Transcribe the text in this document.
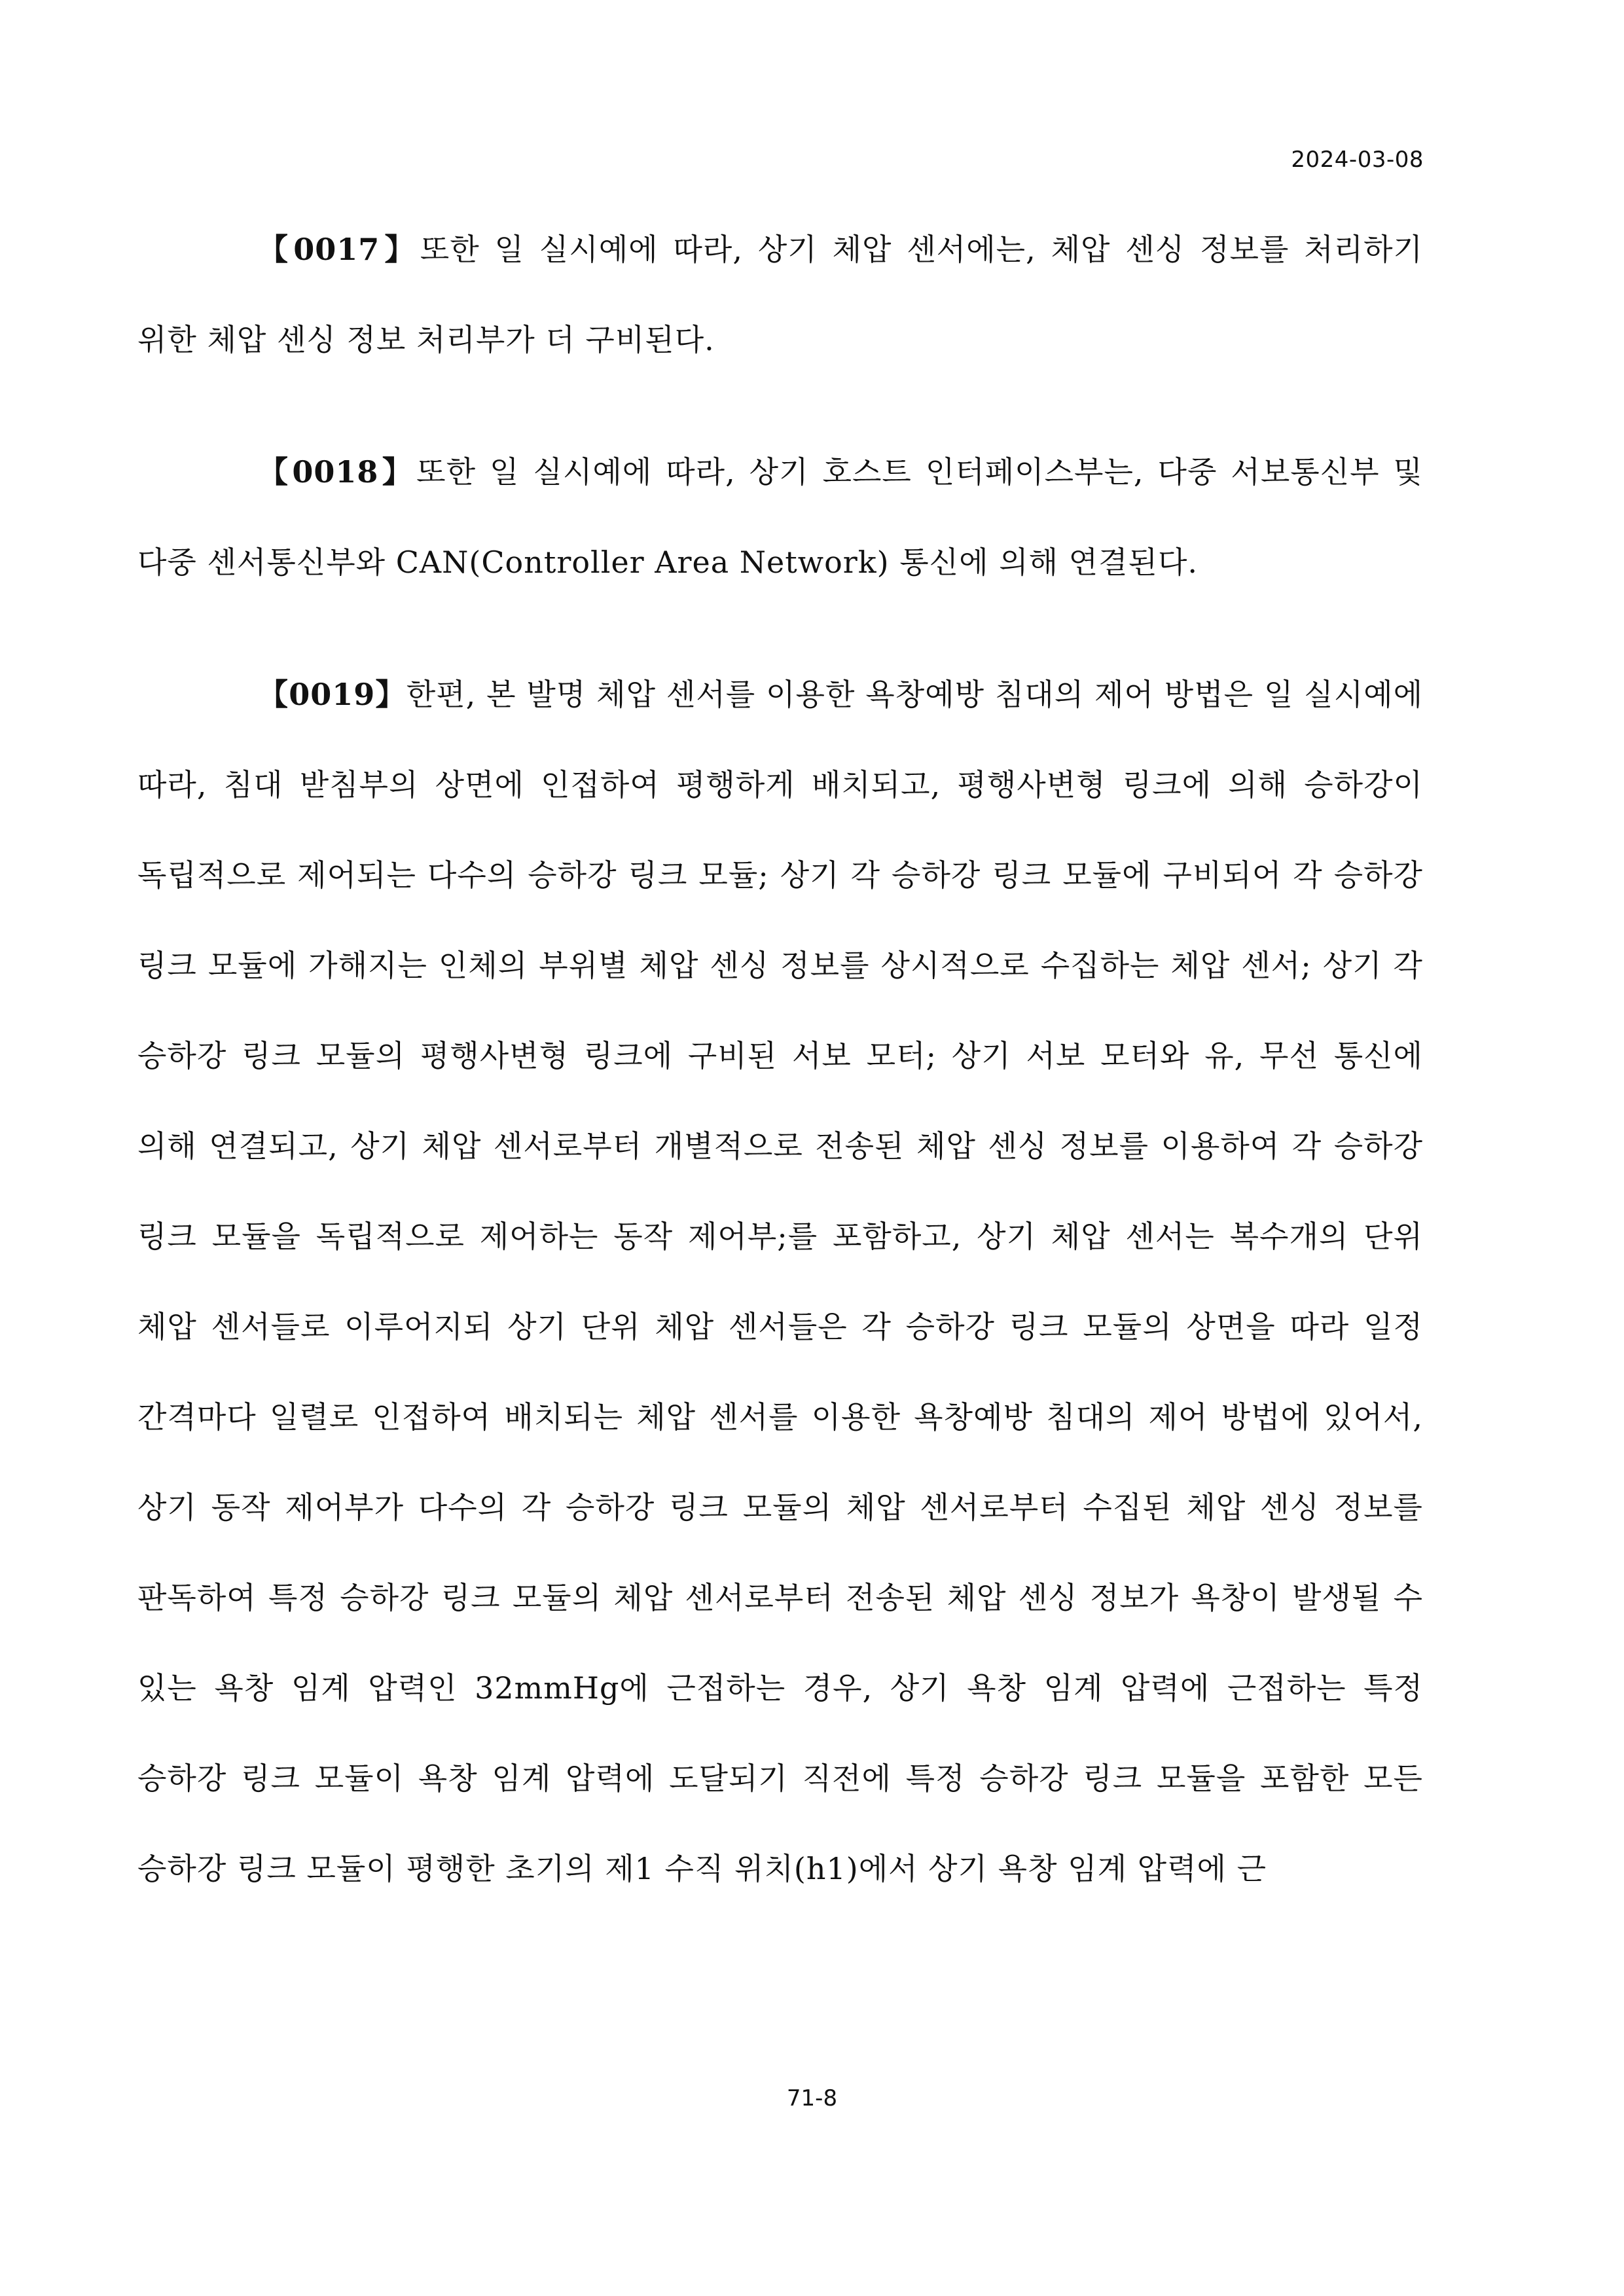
2024-03-08

【0017】또한 일 실시예에 따라, 상기 체압 센서에는, 체압 센싱 정보를 처리하기 위한 체압 센싱 정보 처리부가 더 구비된다.

【0018】또한 일 실시예에 따라, 상기 호스트 인터페이스부는, 다중 서보통신부 및 다중 센서통신부와 CAN(Controller Area Network) 통신에 의해 연결된다.

【0019】한편, 본 발명 체압 센서를 이용한 욕창예방 침대의 제어 방법은 일 실시예에 따라, 침대 받침부의 상면에 인접하여 평행하게 배치되고, 평행사변형 링크에 의해 승하강이 독립적으로 제어되는 다수의 승하강 링크 모듈; 상기 각 승하강 링크 모듈에 구비되어 각 승하강 링크 모듈에 가해지는 인체의 부위별 체압 센싱 정보를 상시적으로 수집하는 체압 센서; 상기 각 승하강 링크 모듈의 평행사변형 링크에 구비된 서보 모터; 상기 서보 모터와 유, 무선 통신에 의해 연결되고, 상기 체압 센서로부터 개별적으로 전송된 체압 센싱 정보를 이용하여 각 승하강 링크 모듈을 독립적으로 제어하는 동작 제어부;를 포함하고, 상기 체압 센서는 복수개의 단위 체압 센서들로 이루어지되 상기 단위 체압 센서들은 각 승하강 링크 모듈의 상면을 따라 일정 간격마다 일렬로 인접하여 배치되는 체압 센서를 이용한 욕창예방 침대의 제어 방법에 있어서, 상기 동작 제어부가 다수의 각 승하강 링크 모듈의 체압 센서로부터 수집된 체압 센싱 정보를 판독하여 특정 승하강 링크 모듈의 체압 센서로부터 전송된 체압 센싱 정보가 욕창이 발생될 수 있는 욕창 임계 압력인 32mmHg에 근접하는 경우, 상기 욕창 임계 압력에 근접하는 특정 승하강 링크 모듈이 욕창 임계 압력에 도달되기 직전에 특정 승하강 링크 모듈을 포함한 모든 승하강 링크 모듈이 평행한 초기의 제1 수직 위치(h1)에서 상기 욕창 임계 압력에 근

71-8
